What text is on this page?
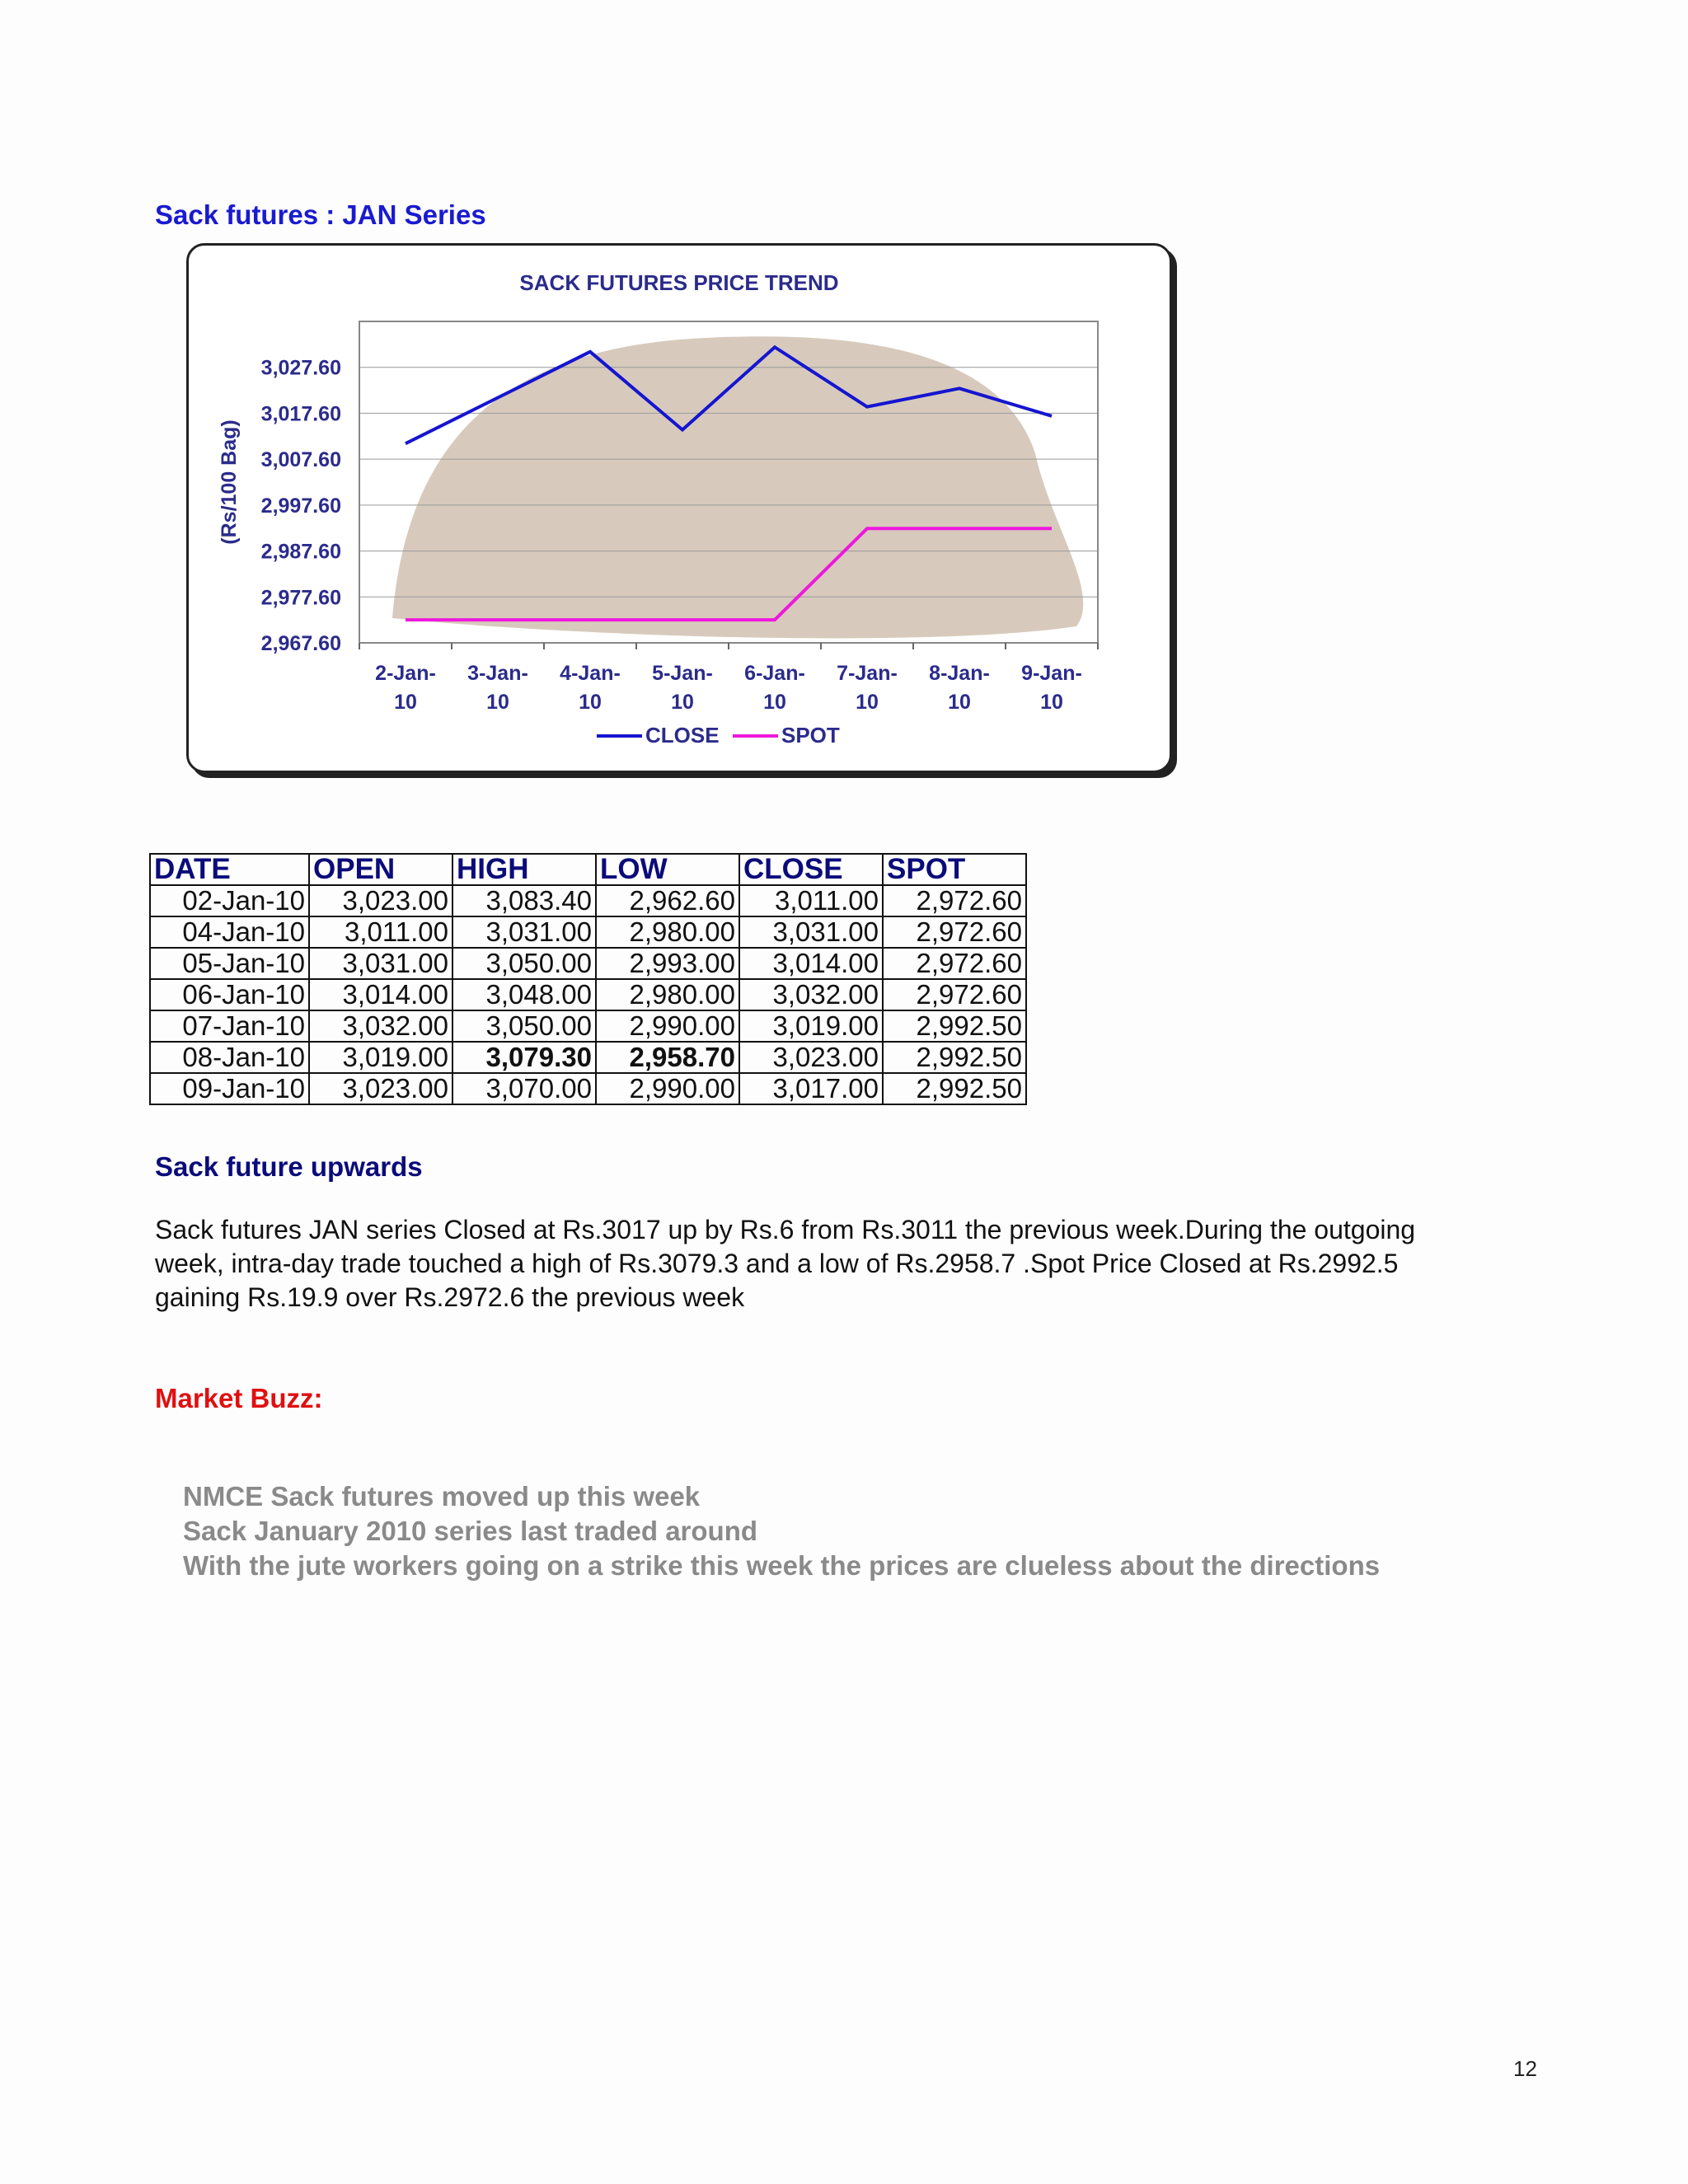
Sack futures : JAN Series
SACK FUTURES PRICE TREND
2,967.60
2,977.60
2,987.60
2,997.60
3,007.60
3,017.60
3,027.60
2-Jan-
10
3-Jan-
10
4-Jan-
10
5-Jan-
10
6-Jan-
10
7-Jan-
10
8-Jan-
10
9-Jan-
10
(Rs/100 Bag)
CLOSE	SPOT
DATE	OPEN	HIGH	LOW	CLOSE	SPOT
02-Jan-10	3,023.00	3,083.40	2,962.60	3,011.00	2,972.60
04-Jan-10	3,011.00	3,031.00	2,980.00	3,031.00	2,972.60
05-Jan-10	3,031.00	3,050.00	2,993.00	3,014.00	2,972.60
06-Jan-10	3,014.00	3,048.00	2,980.00	3,032.00	2,972.60
07-Jan-10	3,032.00	3,050.00	2,990.00	3,019.00	2,992.50
08-Jan-10	3,019.00	3,079.30	2,958.70	3,023.00	2,992.50
09-Jan-10	3,023.00	3,070.00	2,990.00	3,017.00	2,992.50
Sack future upwards
Sack futures JAN series Closed at Rs.3017 up by Rs.6 from Rs.3011 the previous week.During the outgoing week, intra-day trade touched a high of Rs.3079.3 and a low of Rs.2958.7 .Spot Price Closed at Rs.2992.5 gaining Rs.19.9 over Rs.2972.6 the previous week
Market Buzz:
NMCE Sack futures moved up this week
Sack January 2010 series last traded around
With the jute workers going on a strike this week the prices are clueless about the directions
12
